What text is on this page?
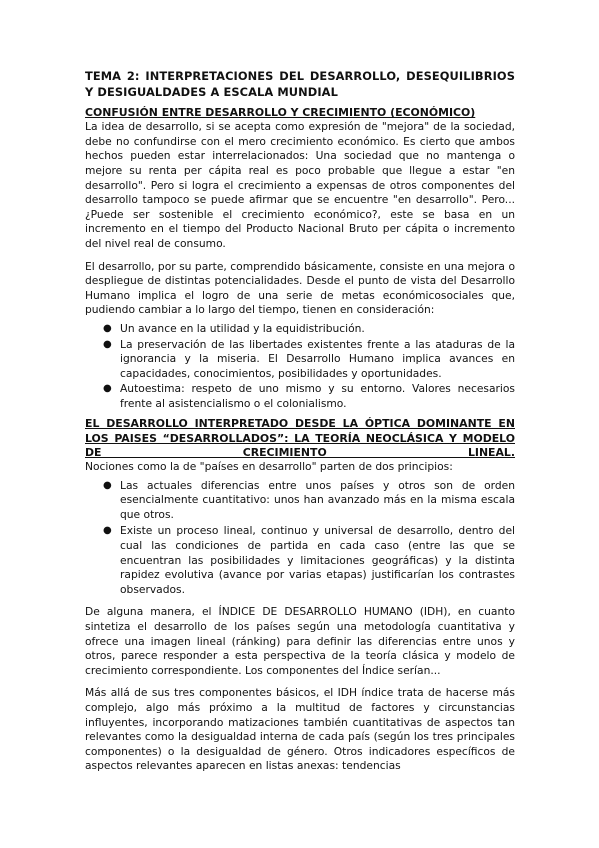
TEMA 2: INTERPRETACIONES DEL DESARROLLO, DESEQUILIBRIOS Y DESIGUALDADES A ESCALA MUNDIAL
CONFUSIÓN ENTRE DESARROLLO Y CRECIMIENTO (ECONÓMICO)

La idea de desarrollo, si se acepta como expresión de "mejora" de la sociedad, debe no confundirse con el mero crecimiento económico. Es cierto que ambos hechos pueden estar interrelacionados: Una sociedad que no mantenga o mejore su renta per cápita real es poco probable que llegue a estar "en desarrollo". Pero si logra el crecimiento a expensas de otros componentes del desarrollo tampoco se puede afirmar que se encuentre "en desarrollo". Pero... ¿Puede ser sostenible el crecimiento económico?, este se basa en un incremento en el tiempo del Producto Nacional Bruto per cápita o incremento del nivel real de consumo.

El desarrollo, por su parte, comprendido básicamente, consiste en una mejora o despliegue de distintas potencialidades. Desde el punto de vista del Desarrollo Humano implica el logro de una serie de metas económicosociales que, pudiendo cambiar a lo largo del tiempo, tienen en consideración:

● Un avance en la utilidad y la equidistribución.
● La preservación de las libertades existentes frente a las ataduras de la ignorancia y la miseria. El Desarrollo Humano implica avances en capacidades, conocimientos, posibilidades y oportunidades.
● Autoestima: respeto de uno mismo y su entorno. Valores necesarios frente al asistencialismo o el colonialismo.
EL DESARROLLO INTERPRETADO DESDE LA ÓPTICA DOMINANTE EN LOS PAISES “DESARROLLADOS”: LA TEORÍA NEOCLÁSICA Y MODELO DE CRECIMIENTO LINEAL.

Nociones como la de "países en desarrollo" parten de dos principios:

● Las actuales diferencias entre unos países y otros son de orden esencialmente cuantitativo: unos han avanzado más en la misma escala que otros.
● Existe un proceso lineal, continuo y universal de desarrollo, dentro del cual las condiciones de partida en cada caso (entre las que se encuentran las posibilidades y limitaciones geográficas) y la distinta rapidez evolutiva (avance por varias etapas) justificarían los contrastes observados.

De alguna manera, el ÍNDICE DE DESARROLLO HUMANO (IDH), en cuanto sintetiza el desarrollo de los países según una metodología cuantitativa y ofrece una imagen lineal (ránking) para definir las diferencias entre unos y otros, parece responder a esta perspectiva de la teoría clásica y modelo de crecimiento correspondiente. Los componentes del Índice serían...

Más allá de sus tres componentes básicos, el IDH índice trata de hacerse más complejo, algo más próximo a la multitud de factores y circunstancias influyentes, incorporando matizaciones también cuantitativas de aspectos tan relevantes como la desigualdad interna de cada país (según los tres principales componentes) o la desigualdad de género. Otros indicadores específicos de aspectos relevantes aparecen en listas anexas: tendencias
